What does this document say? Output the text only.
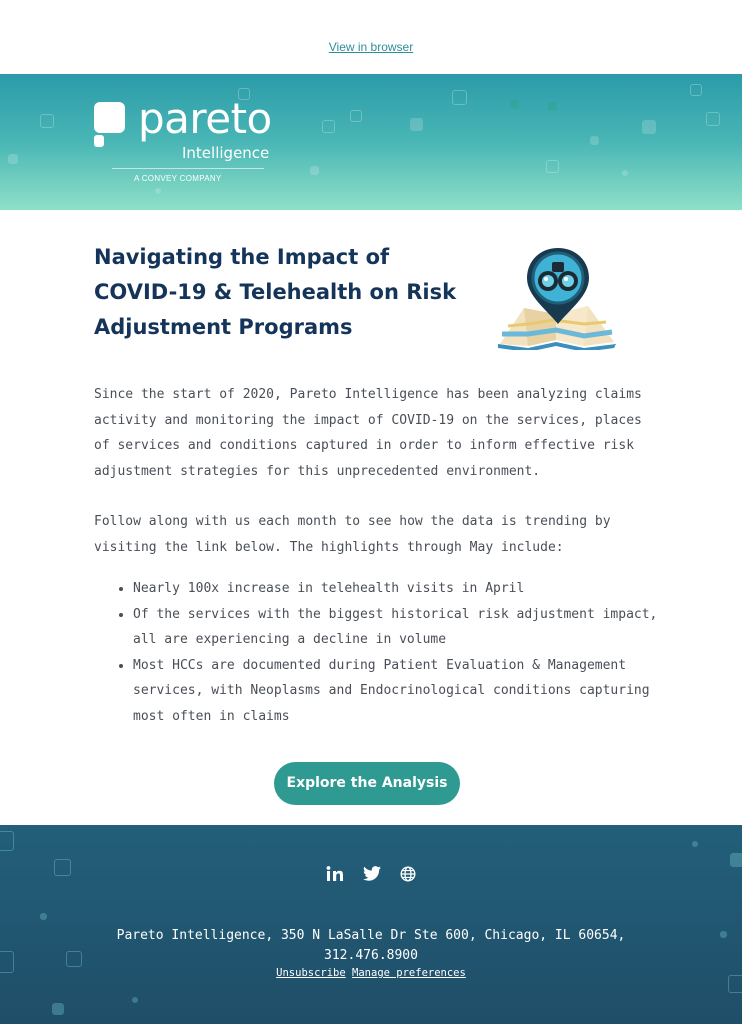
View in browser
pareto
Intelligence
A CONVEY COMPANY
Navigating the Impact of COVID-19 & Telehealth on Risk Adjustment Programs

Since the start of 2020, Pareto Intelligence has been analyzing claims activity and monitoring the impact of COVID-19 on the services, places of services and conditions captured in order to inform effective risk adjustment strategies for this unprecedented environment.

Follow along with us each month to see how the data is trending by visiting the link below. The highlights through May include:

• Nearly 100x increase in telehealth visits in April
• Of the services with the biggest historical risk adjustment impact, all are experiencing a decline in volume
• Most HCCs are documented during Patient Evaluation & Management services, with Neoplasms and Endocrinological conditions capturing most often in claims
Explore the Analysis

Pareto Intelligence, 350 N LaSalle Dr Ste 600, Chicago, IL 60654,
312.476.8900
Unsubscribe Manage preferences
